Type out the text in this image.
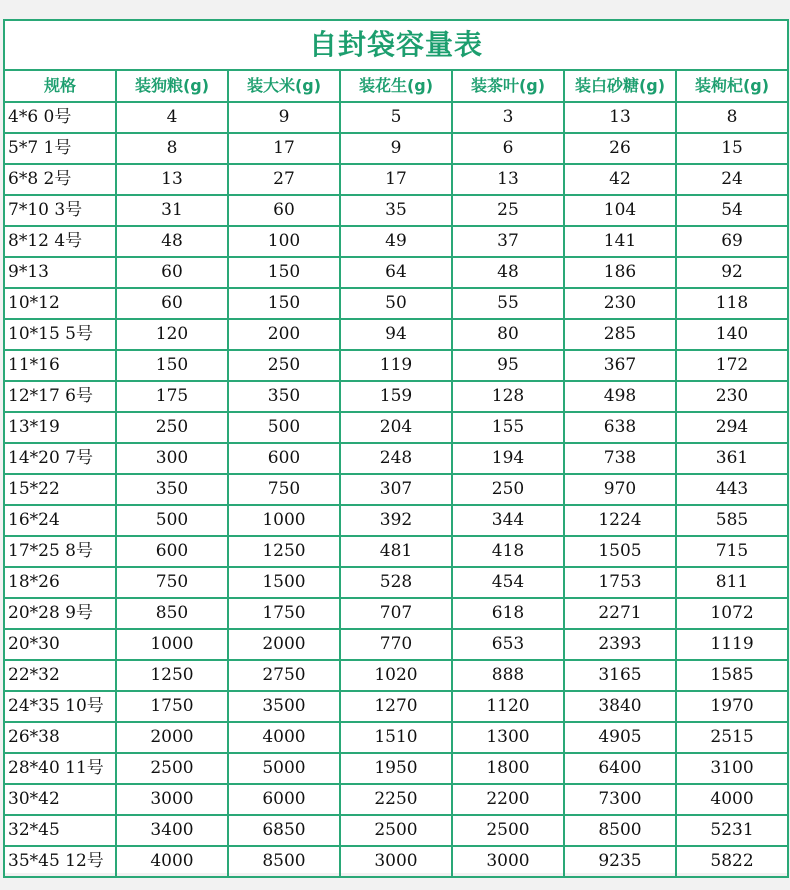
自封袋容量表						
规格	装狗粮(g)	装大米(g)	装花生(g)	装茶叶(g)	装白砂糖(g)	装枸杞(g)
4*6 0号	4	9	5	3	13	8
5*7 1号	8	17	9	6	26	15
6*8 2号	13	27	17	13	42	24
7*10 3号	31	60	35	25	104	54
8*12 4号	48	100	49	37	141	69
9*13	60	150	64	48	186	92
10*12	60	150	50	55	230	118
10*15 5号	120	200	94	80	285	140
11*16	150	250	119	95	367	172
12*17 6号	175	350	159	128	498	230
13*19	250	500	204	155	638	294
14*20 7号	300	600	248	194	738	361
15*22	350	750	307	250	970	443
16*24	500	1000	392	344	1224	585
17*25 8号	600	1250	481	418	1505	715
18*26	750	1500	528	454	1753	811
20*28 9号	850	1750	707	618	2271	1072
20*30	1000	2000	770	653	2393	1119
22*32	1250	2750	1020	888	3165	1585
24*35 10号	1750	3500	1270	1120	3840	1970
26*38	2000	4000	1510	1300	4905	2515
28*40 11号	2500	5000	1950	1800	6400	3100
30*42	3000	6000	2250	2200	7300	4000
32*45	3400	6850	2500	2500	8500	5231
35*45 12号	4000	8500	3000	3000	9235	5822
